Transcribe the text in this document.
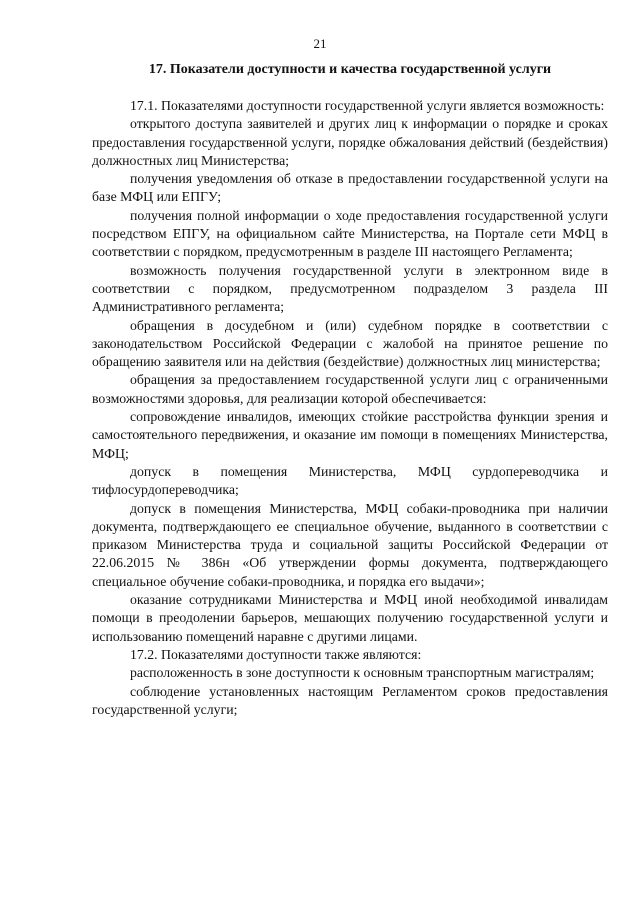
21
17. Показатели доступности и качества государственной услуги

17.1. Показателями доступности государственной услуги является возможность:

открытого доступа заявителей и других лиц к информации о порядке и сроках предоставления государственной услуги, порядке обжалования действий (бездействия) должностных лиц Министерства;

получения уведомления об отказе в предоставлении государственной услуги на базе МФЦ или ЕПГУ;

получения полной информации о ходе предоставления государственной услуги посредством ЕПГУ, на официальном сайте Министерства, на Портале сети МФЦ в соответствии с порядком, предусмотренным в разделе III настоящего Регламента;

возможность получения государственной услуги в электронном виде в соответствии с порядком, предусмотренном подразделом 3 раздела III Административного регламента;

обращения в досудебном и (или) судебном порядке в соответствии с законодательством Российской Федерации с жалобой на принятое решение по обращению заявителя или на действия (бездействие) должностных лиц министерства;

обращения за предоставлением государственной услуги лиц с ограниченными возможностями здоровья, для реализации которой обеспечивается:

сопровождение инвалидов, имеющих стойкие расстройства функции зрения и самостоятельного передвижения, и оказание им помощи в помещениях Министерства, МФЦ;

допуск в помещения Министерства, МФЦ сурдопереводчика и тифлосурдопереводчика;

допуск в помещения Министерства, МФЦ собаки-проводника при наличии документа, подтверждающего ее специальное обучение, выданного в соответствии с приказом Министерства труда и социальной защиты Российской Федерации от 22.06.2015 № 386н «Об утверждении формы документа, подтверждающего специальное обучение собаки-проводника, и порядка его выдачи»;

оказание сотрудниками Министерства и МФЦ иной необходимой инвалидам помощи в преодолении барьеров, мешающих получению государственной услуги и использованию помещений наравне с другими лицами.

17.2. Показателями доступности также являются:

расположенность в зоне доступности к основным транспортным магистралям;

соблюдение установленных настоящим Регламентом сроков предоставления государственной услуги;
